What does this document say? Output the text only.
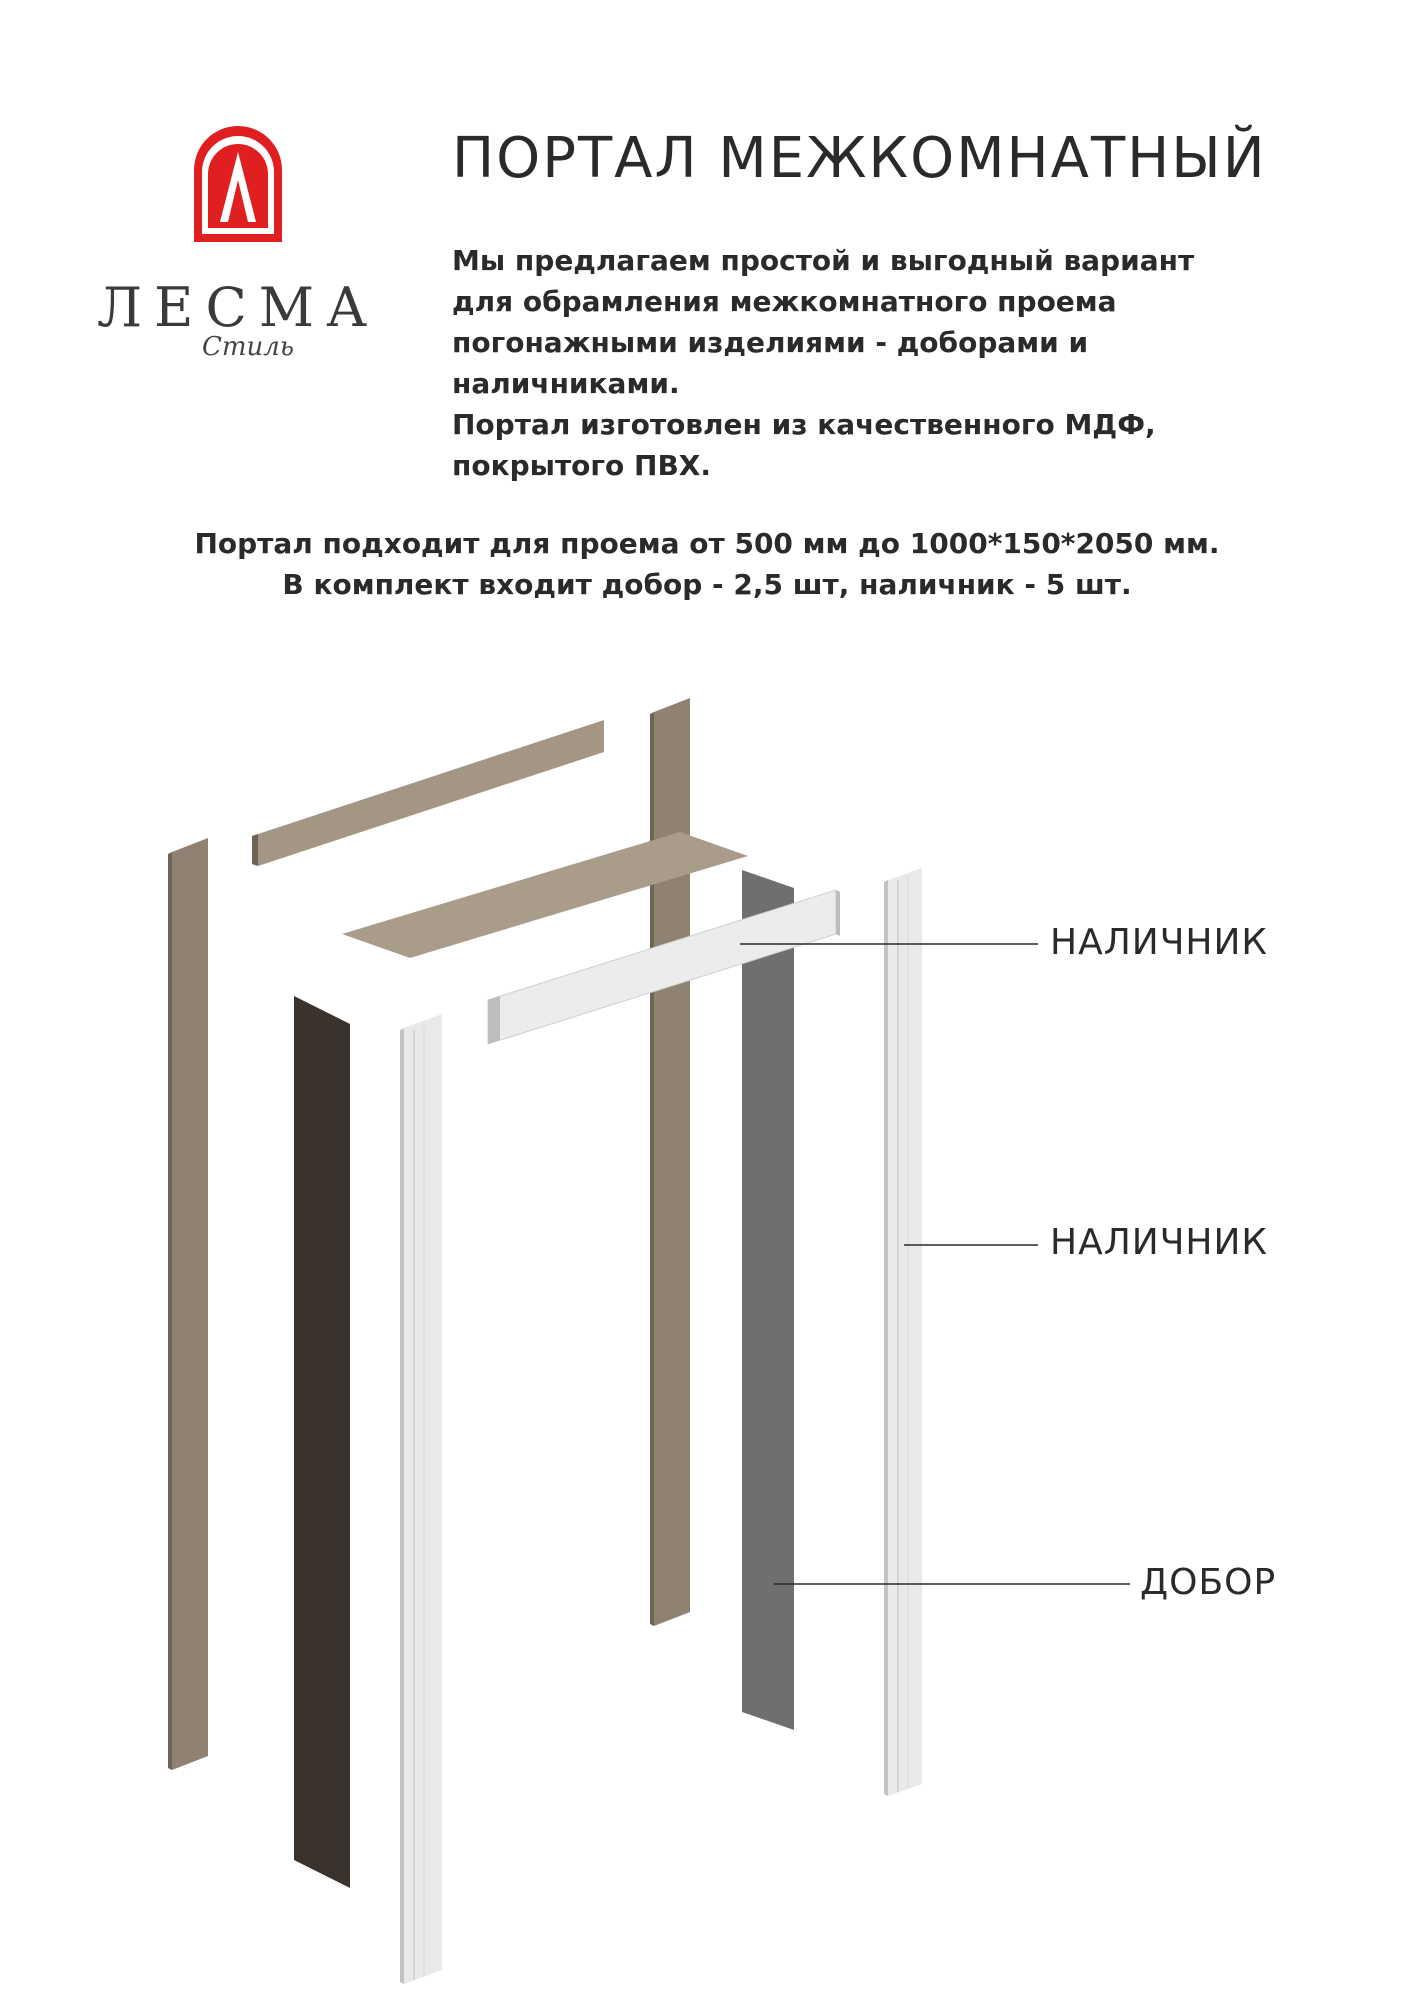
ЛЕСМА
Стиль
ПОРТАЛ МЕЖКОМНАТНЫЙ

Мы предлагаем простой и выгодный вариант

для обрамления межкомнатного проема

погонажными изделиями - доборами и

наличниками.

Портал изготовлен из качественного МДФ,

покрытого ПВХ.

Портал подходит для проема от 500 мм до 1000*150*2050 мм.

В комплект входит добор - 2,5 шт, наличник - 5 шт.

НАЛИЧНИК
НАЛИЧНИК
ДОБОР
